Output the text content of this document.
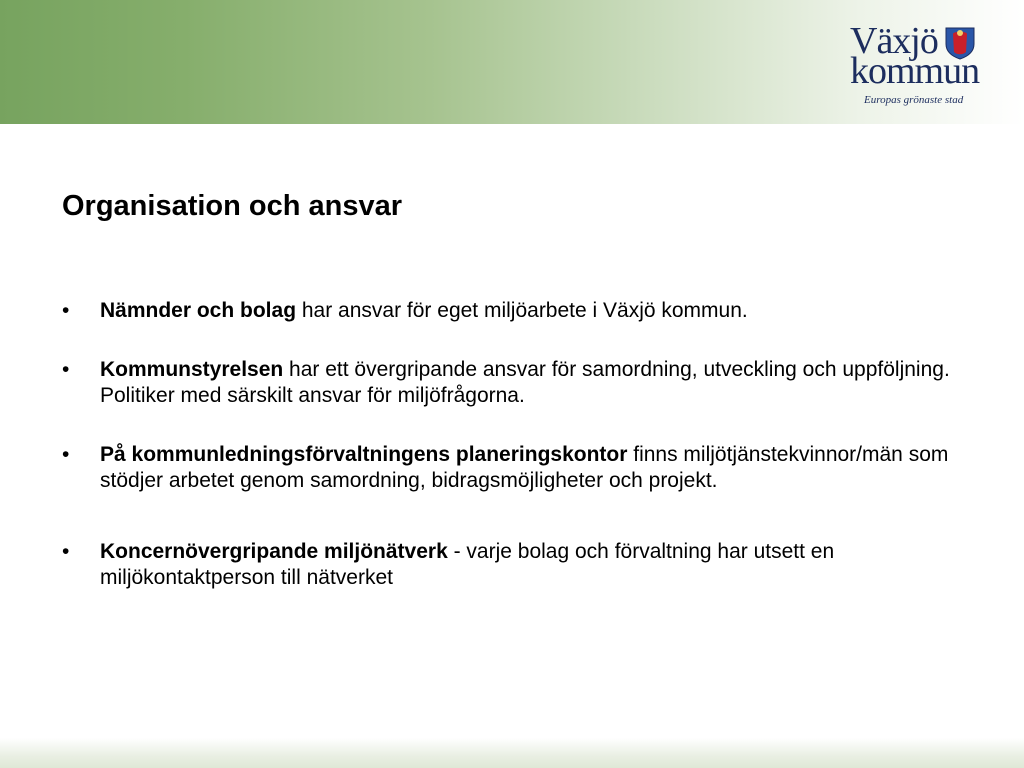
Växjö
kommun
Europas grönaste stad
Organisation och ansvar
• Nämnder och bolag har ansvar för eget miljöarbete i Växjö kommun.
• Kommunstyrelsen har ett övergripande ansvar för samordning, utveckling och uppföljning. Politiker med särskilt ansvar för miljöfrågorna.
• På kommunledningsförvaltningens planeringskontor finns miljötjänstekvinnor/män som stödjer arbetet genom samordning, bidragsmöjligheter och projekt.
• Koncernövergripande miljönätverk - varje bolag och förvaltning har utsett en miljökontaktperson till nätverket
